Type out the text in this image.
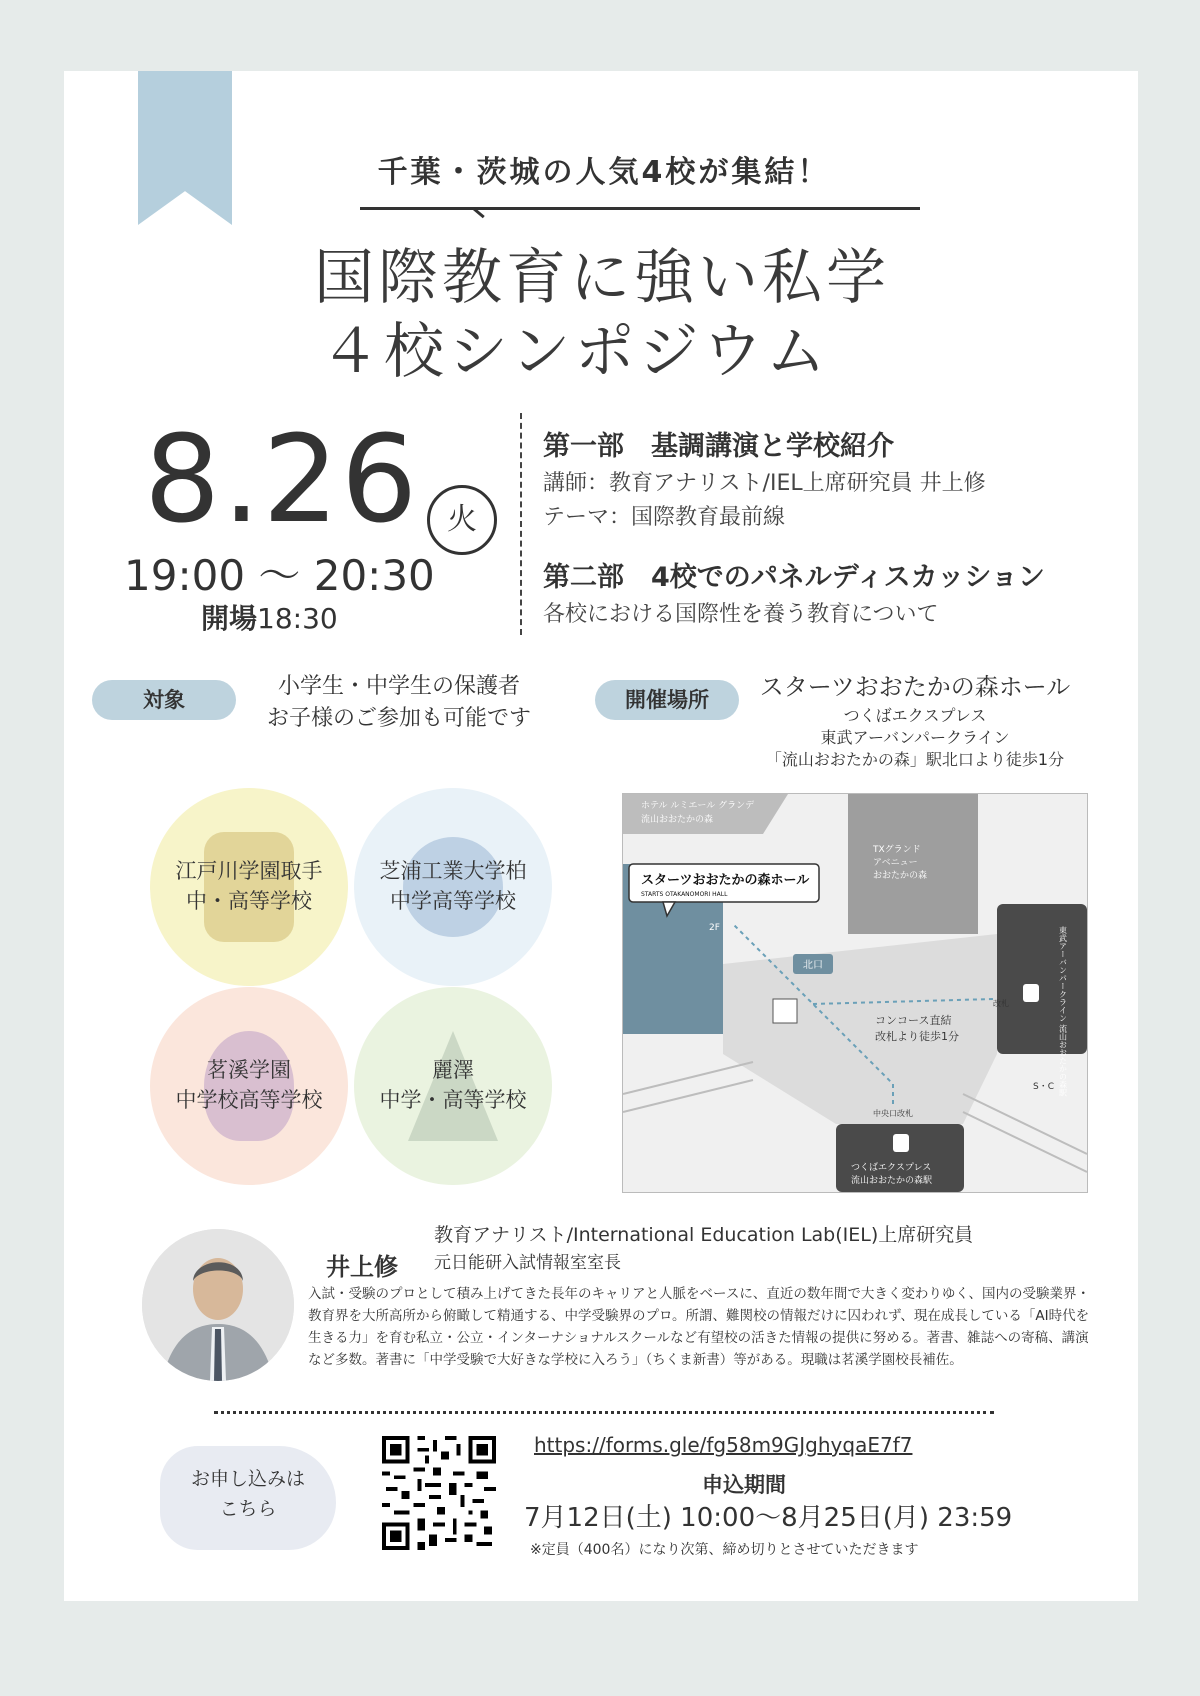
千葉・茨城の人気4校が集結！
国際教育に強い私学
４校シンポジウム
8.26 火
19:00 ～ 20:30
開場18:30
第一部　基調講演と学校紹介
講師：教育アナリスト/IEL上席研究員 井上修
テーマ：国際教育最前線
第二部　4校でのパネルディスカッション
各校における国際性を養う教育について
対象
小学生・中学生の保護者
お子様のご参加も可能です
開催場所	スターツおおたかの森ホール
つくばエクスプレス
東武アーバンパークライン
「流山おおたかの森」駅北口より徒歩1分
江戸川学園取手
中・高等学校
芝浦工業大学柏
中学高等学校
茗溪学園
中学校高等学校
麗澤
中学・高等学校
ホテル ルミエール グランデ
流山おおたかの森
TXグランド
アベニュー
おおたかの森
スターツおおたかの森ホール
STARTS OTAKANOMORI HALL
2F
北口
コンコース直結
改札より徒歩1分
中央口改札
改札
つくばエクスプレス
流山おおたかの森駅
S・C 東武アーバンパークライン 流山おおたかの森駅
井上修
教育アナリスト/International Education Lab(IEL)上席研究員
元日能研入試情報室室長
入試・受験のプロとして積み上げてきた長年のキャリアと人脈をベースに、直近の数年間で大きく変わりゆく、国内の受験業界・教育界を大所高所から俯瞰して精通する、中学受験界のプロ。所謂、難関校の情報だけに囚われず、現在成長している「AI時代を生きる力」を育む私立・公立・インターナショナルスクールなど有望校の活きた情報の提供に努める。著書、雑誌への寄稿、講演など多数。著書に「中学受験で大好きな学校に入ろう」（ちくま新書）等がある。現職は茗溪学園校長補佐。
お申し込みは
こちら
https://forms.gle/fg58m9GJghyqaE7f7
申込期間
7月12日(土) 10:00～8月25日(月) 23:59
※定員（400名）になり次第、締め切りとさせていただきます
